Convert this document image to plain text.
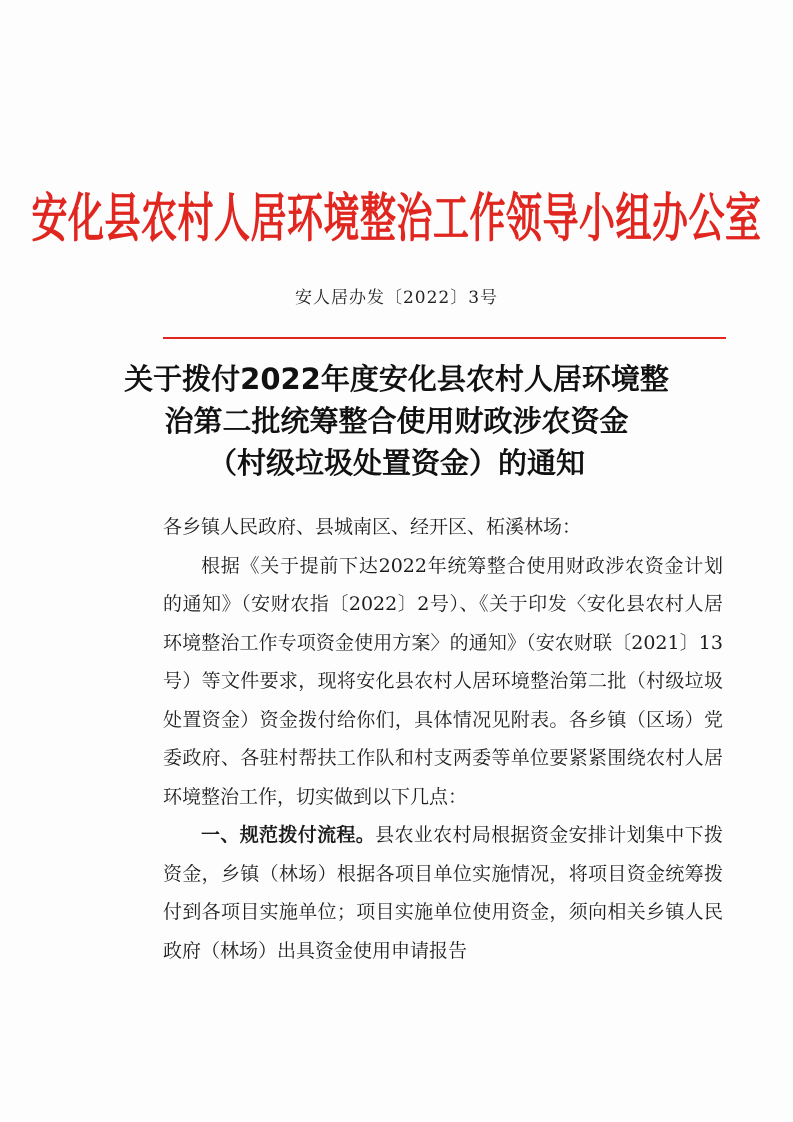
安化县农村人居环境整治工作领导小组办公室
安人居办发〔2022〕3号
关于拨付2022年度安化县农村人居环境整
治第二批统筹整合使用财政涉农资金
（村级垃圾处置资金）的通知

各乡镇人民政府、县城南区、经开区、柘溪林场：

根据《关于提前下达2022年统筹整合使用财政涉农资金计划的通知》（安财农指〔2022〕2号）、《关于印发〈安化县农村人居环境整治工作专项资金使用方案〉的通知》（安农财联〔2021〕13号）等文件要求，现将安化县农村人居环境整治第二批（村级垃圾处置资金）资金拨付给你们，具体情况见附表。各乡镇（区场）党委政府、各驻村帮扶工作队和村支两委等单位要紧紧围绕农村人居环境整治工作，切实做到以下几点：

一、规范拨付流程。县农业农村局根据资金安排计划集中下拨资金，乡镇（林场）根据各项目单位实施情况，将项目资金统筹拨付到各项目实施单位；项目实施单位使用资金，须向相关乡镇人民政府（林场）出具资金使用申请报告
